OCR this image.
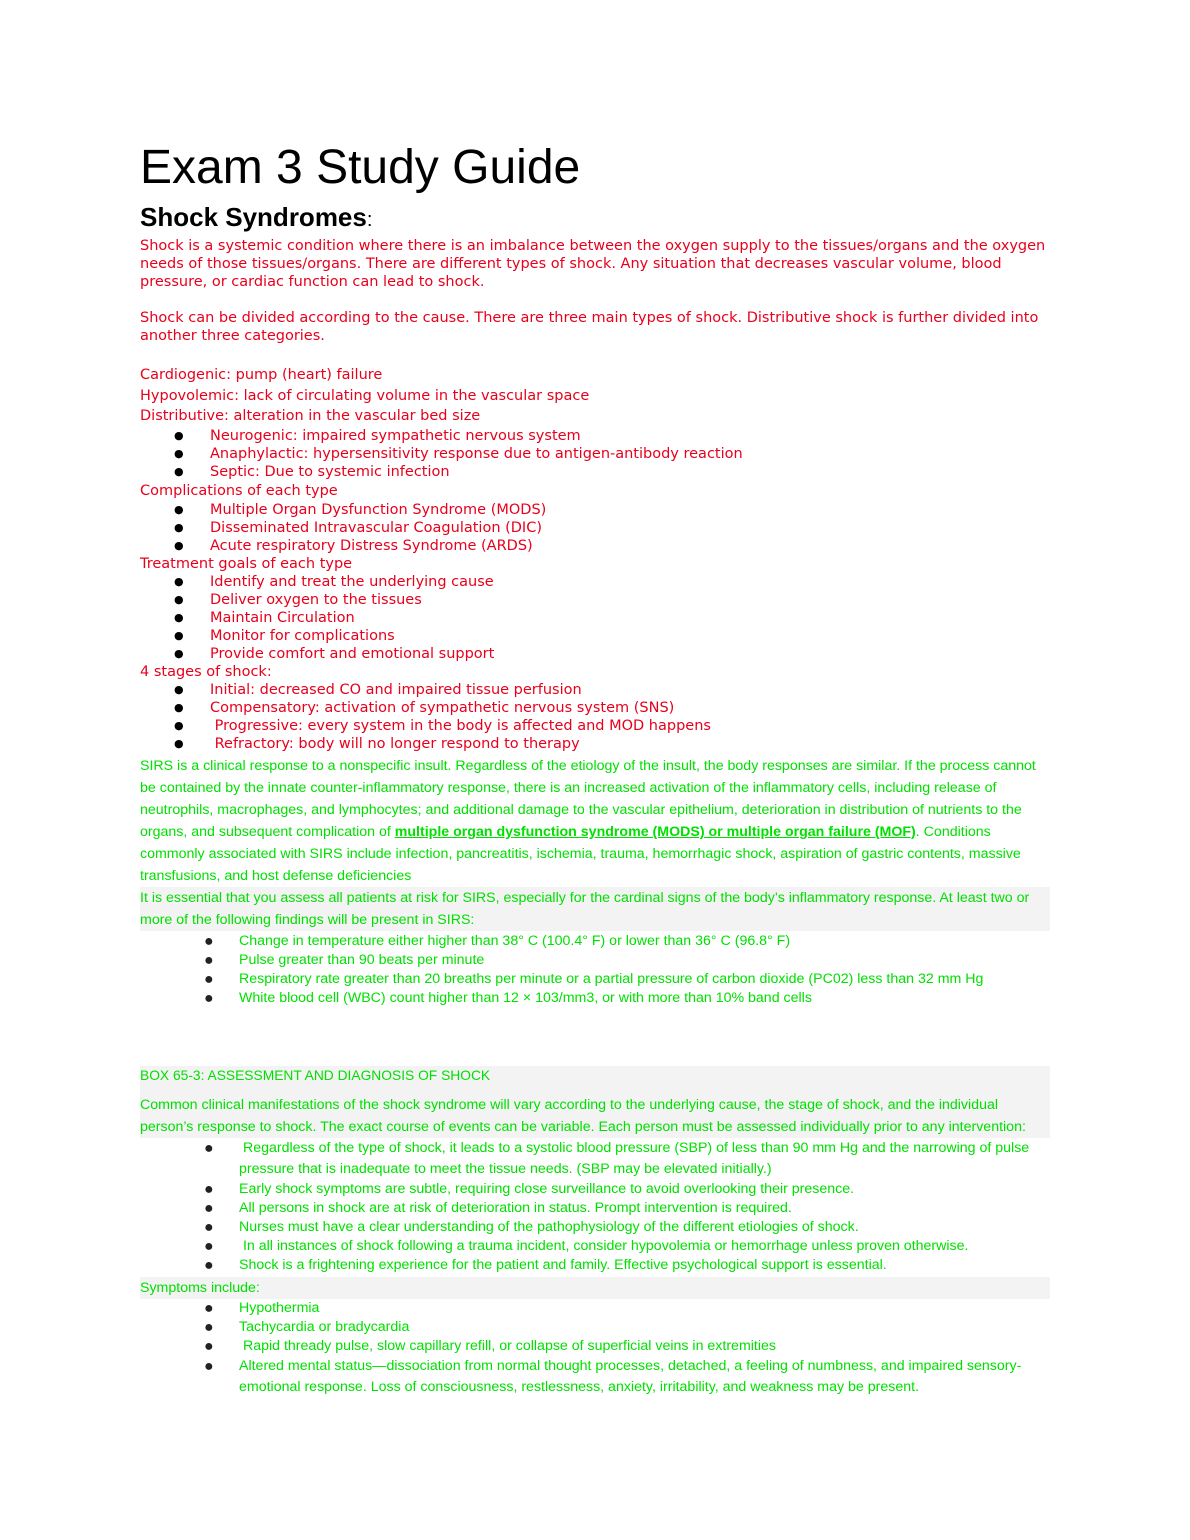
Exam 3 Study Guide
Shock Syndromes:

Shock is a systemic condition where there is an imbalance between the oxygen supply to the tissues/organs and the oxygen needs of those tissues/organs. There are different types of shock. Any situation that decreases vascular volume, blood pressure, or cardiac function can lead to shock.

Shock can be divided according to the cause. There are three main types of shock. Distributive shock is further divided into another three categories.

Cardiogenic: pump (heart) failure

Hypovolemic: lack of circulating volume in the vascular space

Distributive: alteration in the vascular bed size

● Neurogenic: impaired sympathetic nervous system
● Anaphylactic: hypersensitivity response due to antigen-antibody reaction
● Septic: Due to systemic infection

Complications of each type

● Multiple Organ Dysfunction Syndrome (MODS)
● Disseminated Intravascular Coagulation (DIC)
● Acute respiratory Distress Syndrome (ARDS)

Treatment goals of each type

● Identify and treat the underlying cause
● Deliver oxygen to the tissues
● Maintain Circulation
● Monitor for complications
● Provide comfort and emotional support

4 stages of shock:

● Initial: decreased CO and impaired tissue perfusion
● Compensatory: activation of sympathetic nervous system (SNS)
● Progressive: every system in the body is affected and MOD happens
● Refractory: body will no longer respond to therapy

SIRS is a clinical response to a nonspecific insult. Regardless of the etiology of the insult, the body responses are similar. If the process cannot be contained by the innate counter-inflammatory response, there is an increased activation of the inflammatory cells, including release of neutrophils, macrophages, and lymphocytes; and additional damage to the vascular epithelium, deterioration in distribution of nutrients to the organs, and subsequent complication of multiple organ dysfunction syndrome (MODS) or multiple organ failure (MOF). Conditions commonly associated with SIRS include infection, pancreatitis, ischemia, trauma, hemorrhagic shock, aspiration of gastric contents, massive transfusions, and host defense deficiencies

It is essential that you assess all patients at risk for SIRS, especially for the cardinal signs of the body’s inflammatory response. At least two or more of the following findings will be present in SIRS:

● Change in temperature either higher than 38° C (100.4° F) or lower than 36° C (96.8° F)
● Pulse greater than 90 beats per minute
● Respiratory rate greater than 20 breaths per minute or a partial pressure of carbon dioxide (PC02) less than 32 mm Hg
● White blood cell (WBC) count higher than 12 × 103/mm3, or with more than 10% band cells

BOX 65-3: ASSESSMENT AND DIAGNOSIS OF SHOCK

Common clinical manifestations of the shock syndrome will vary according to the underlying cause, the stage of shock, and the individual person’s response to shock. The exact course of events can be variable. Each person must be assessed individually prior to any intervention:

● Regardless of the type of shock, it leads to a systolic blood pressure (SBP) of less than 90 mm Hg and the narrowing of pulse pressure that is inadequate to meet the tissue needs. (SBP may be elevated initially.)
● Early shock symptoms are subtle, requiring close surveillance to avoid overlooking their presence.
● All persons in shock are at risk of deterioration in status. Prompt intervention is required.
● Nurses must have a clear understanding of the pathophysiology of the different etiologies of shock.
● In all instances of shock following a trauma incident, consider hypovolemia or hemorrhage unless proven otherwise.
● Shock is a frightening experience for the patient and family. Effective psychological support is essential.

Symptoms include:

● Hypothermia
● Tachycardia or bradycardia
● Rapid thready pulse, slow capillary refill, or collapse of superficial veins in extremities
● Altered mental status—dissociation from normal thought processes, detached, a feeling of numbness, and impaired sensory-emotional response. Loss of consciousness, restlessness, anxiety, irritability, and weakness may be present.
